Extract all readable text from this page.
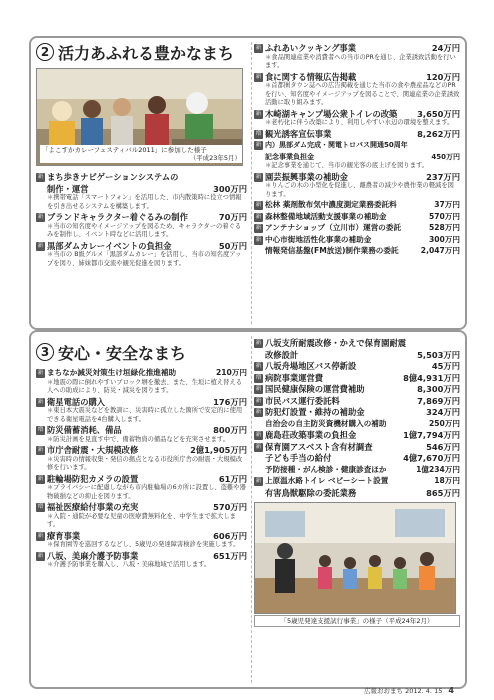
2 活力あふれる豊かなまち
「よこすかカレーフェスティバル2011」に参加した様子
（平成23年5月）
新 まち歩きナビゲーションシステムの
制作・運営	300万円
＊携帯電話「スマートフォン」を活用した、市内散策時に役立つ情報を引き出せるシステムを構築します。
新 ブランドキャラクター着ぐるみの制作	70万円
＊当市の知名度やイメージアップを図るため、キャラクターの着ぐるみを制作し、イベント時などに活用します。
新 黒部ダムカレーイベントの負担金	50万円
＊当市の B級グルメ「黒部ダムカレー」を活用し、当市の知名度アップを図り、姉妹都市交流や観光促進を図ります。
新 ふれあいクッキング事業	24万円
＊食品関連産業や消費者への当市のPRを通じ、企業誘致活動を行います。
新 食に関する情報広告掲載	120万円
＊首都圏タウン誌への広告掲載を通じた当市の食や農産品などのPRを行い、知名度やイメージアップを図ることで、関連産業の企業誘致活動に取り組みます。
新 木崎湖キャンプ場公衆トイレの改築	3,650万円
＊老朽化に伴う改築により、利用しやすい水辺の環境を整えます。
増 観光誘客宣伝事業	8,262万円
新 内）黒部ダム完成・関電トロバス開通50周年
記念事業負担金	450万円
＊記念事業を通じて、当市の観光客の底上げを図ります。
新 園芸振興事業の補助金	237万円
＊りんごの木の小型化を促進し、離農者の減少や農作業の軽減を図ります。
新 松林 薬剤散布気中濃度測定業務委託料	37万円
新 森林整備地域活動支援事業の補助金	570万円
新 アンテナショップ（立川市）運営の委託	528万円
新 中心市街地活性化事業の補助金	300万円
情報発信基盤(FM放送)制作業務の委託	2,047万円
3 安心・安全なまち
新 まちなか減災対策生け垣緑化推進補助	210万円
＊地震の際に倒れやすいブロック塀を撤去、また、生垣に植え替える人への助成により、防災・減災を図ります。
新 衛星電話の購入	176万円
＊東日本大震災などを教訓に、災害時に孤立した箇所で安定的に使用できる衛星電話を4台購入します。
増 防災備蓄消耗、備品	800万円
＊防災計画を見直す中で、備蓄物資の備品などを充実させます。
新 市庁舎耐震・大規模改修	2億1,905万円
＊災害時の情報収集・発信の拠点となる市役所庁舎の耐震・大規模改修を行います。
新 駐輪場防犯カメラの設置	61万円
＊プライバシーに配慮しながら市内駐輪場の6カ所に設置し、盗難や器物破損などの抑止を図ります。
増 福祉医療給付事業の充実	570万円
＊入院・通院が必要な児童の医療費無料化を、中学生まで拡大します。
新 療育事業	606万円
＊保育園等を巡回するなどし、5歳児の発達障害検診を実施します。
新 八坂、美麻介護予防事業	651万円
＊介護予防事業を購入し、八坂・美麻地域で活用します。
新 八坂支所耐震改修・かえで保育園耐震
改修設計	5,503万円
新 八坂舟場地区バス停新設	45万円
増 病院事業運営費	8億4,931万円
新 国民健康保険の運営費補助	8,300万円
新 市民バス運行委託料	7,869万円
新 防犯灯設置・維持の補助金	324万円
自治会の自主防災資機材購入の補助	250万円
新 鹿島荘改築事業の負担金	1億7,794万円
新 保育園アスベスト含有材調査	546万円
子ども手当の給付	4億7,670万円
予防接種・がん検診・健康診査ほか	1億234万円
新 上原温水路トイレ ベビーシート設置	18万円
有害鳥獣駆除の委託業務	865万円
「5歳児発達支援試行事業」の様子（平成24年2月）
広報おおまち 2012. 4. 15 4
